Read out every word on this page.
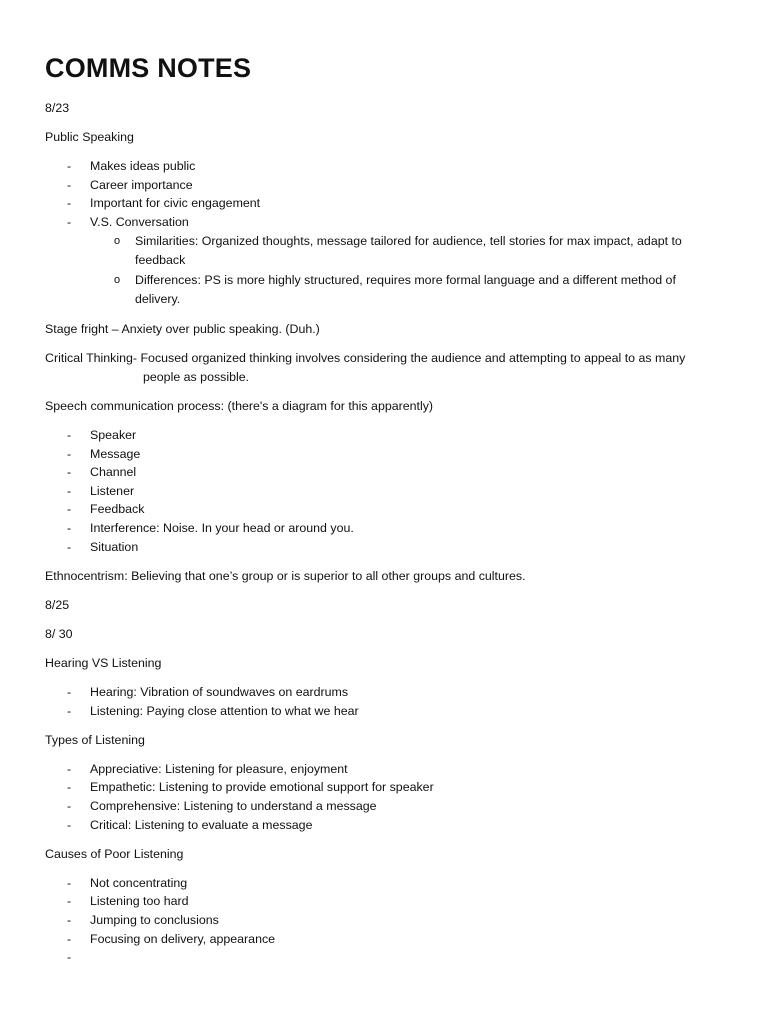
COMMS NOTES

8/23

Public Speaking

- Makes ideas public
- Career importance
- Important for civic engagement
- V.S. Conversation
o Similarities: Organized thoughts, message tailored for audience, tell stories for max impact, adapt to feedback
o Differences: PS is more highly structured, requires more formal language and a different method of delivery.

Stage fright – Anxiety over public speaking. (Duh.)

Critical Thinking- Focused organized thinking involves considering the audience and attempting to appeal to as many people as possible.

Speech communication process: (there's a diagram for this apparently)

- Speaker
- Message
- Channel
- Listener
- Feedback
- Interference: Noise. In your head or around you.
- Situation

Ethnocentrism: Believing that one’s group or is superior to all other groups and cultures.

8/25

8/ 30

Hearing VS Listening

- Hearing: Vibration of soundwaves on eardrums
- Listening: Paying close attention to what we hear

Types of Listening

- Appreciative: Listening for pleasure, enjoyment
- Empathetic: Listening to provide emotional support for speaker
- Comprehensive: Listening to understand a message
- Critical: Listening to evaluate a message

Causes of Poor Listening

- Not concentrating
- Listening too hard
- Jumping to conclusions
- Focusing on delivery, appearance
-
